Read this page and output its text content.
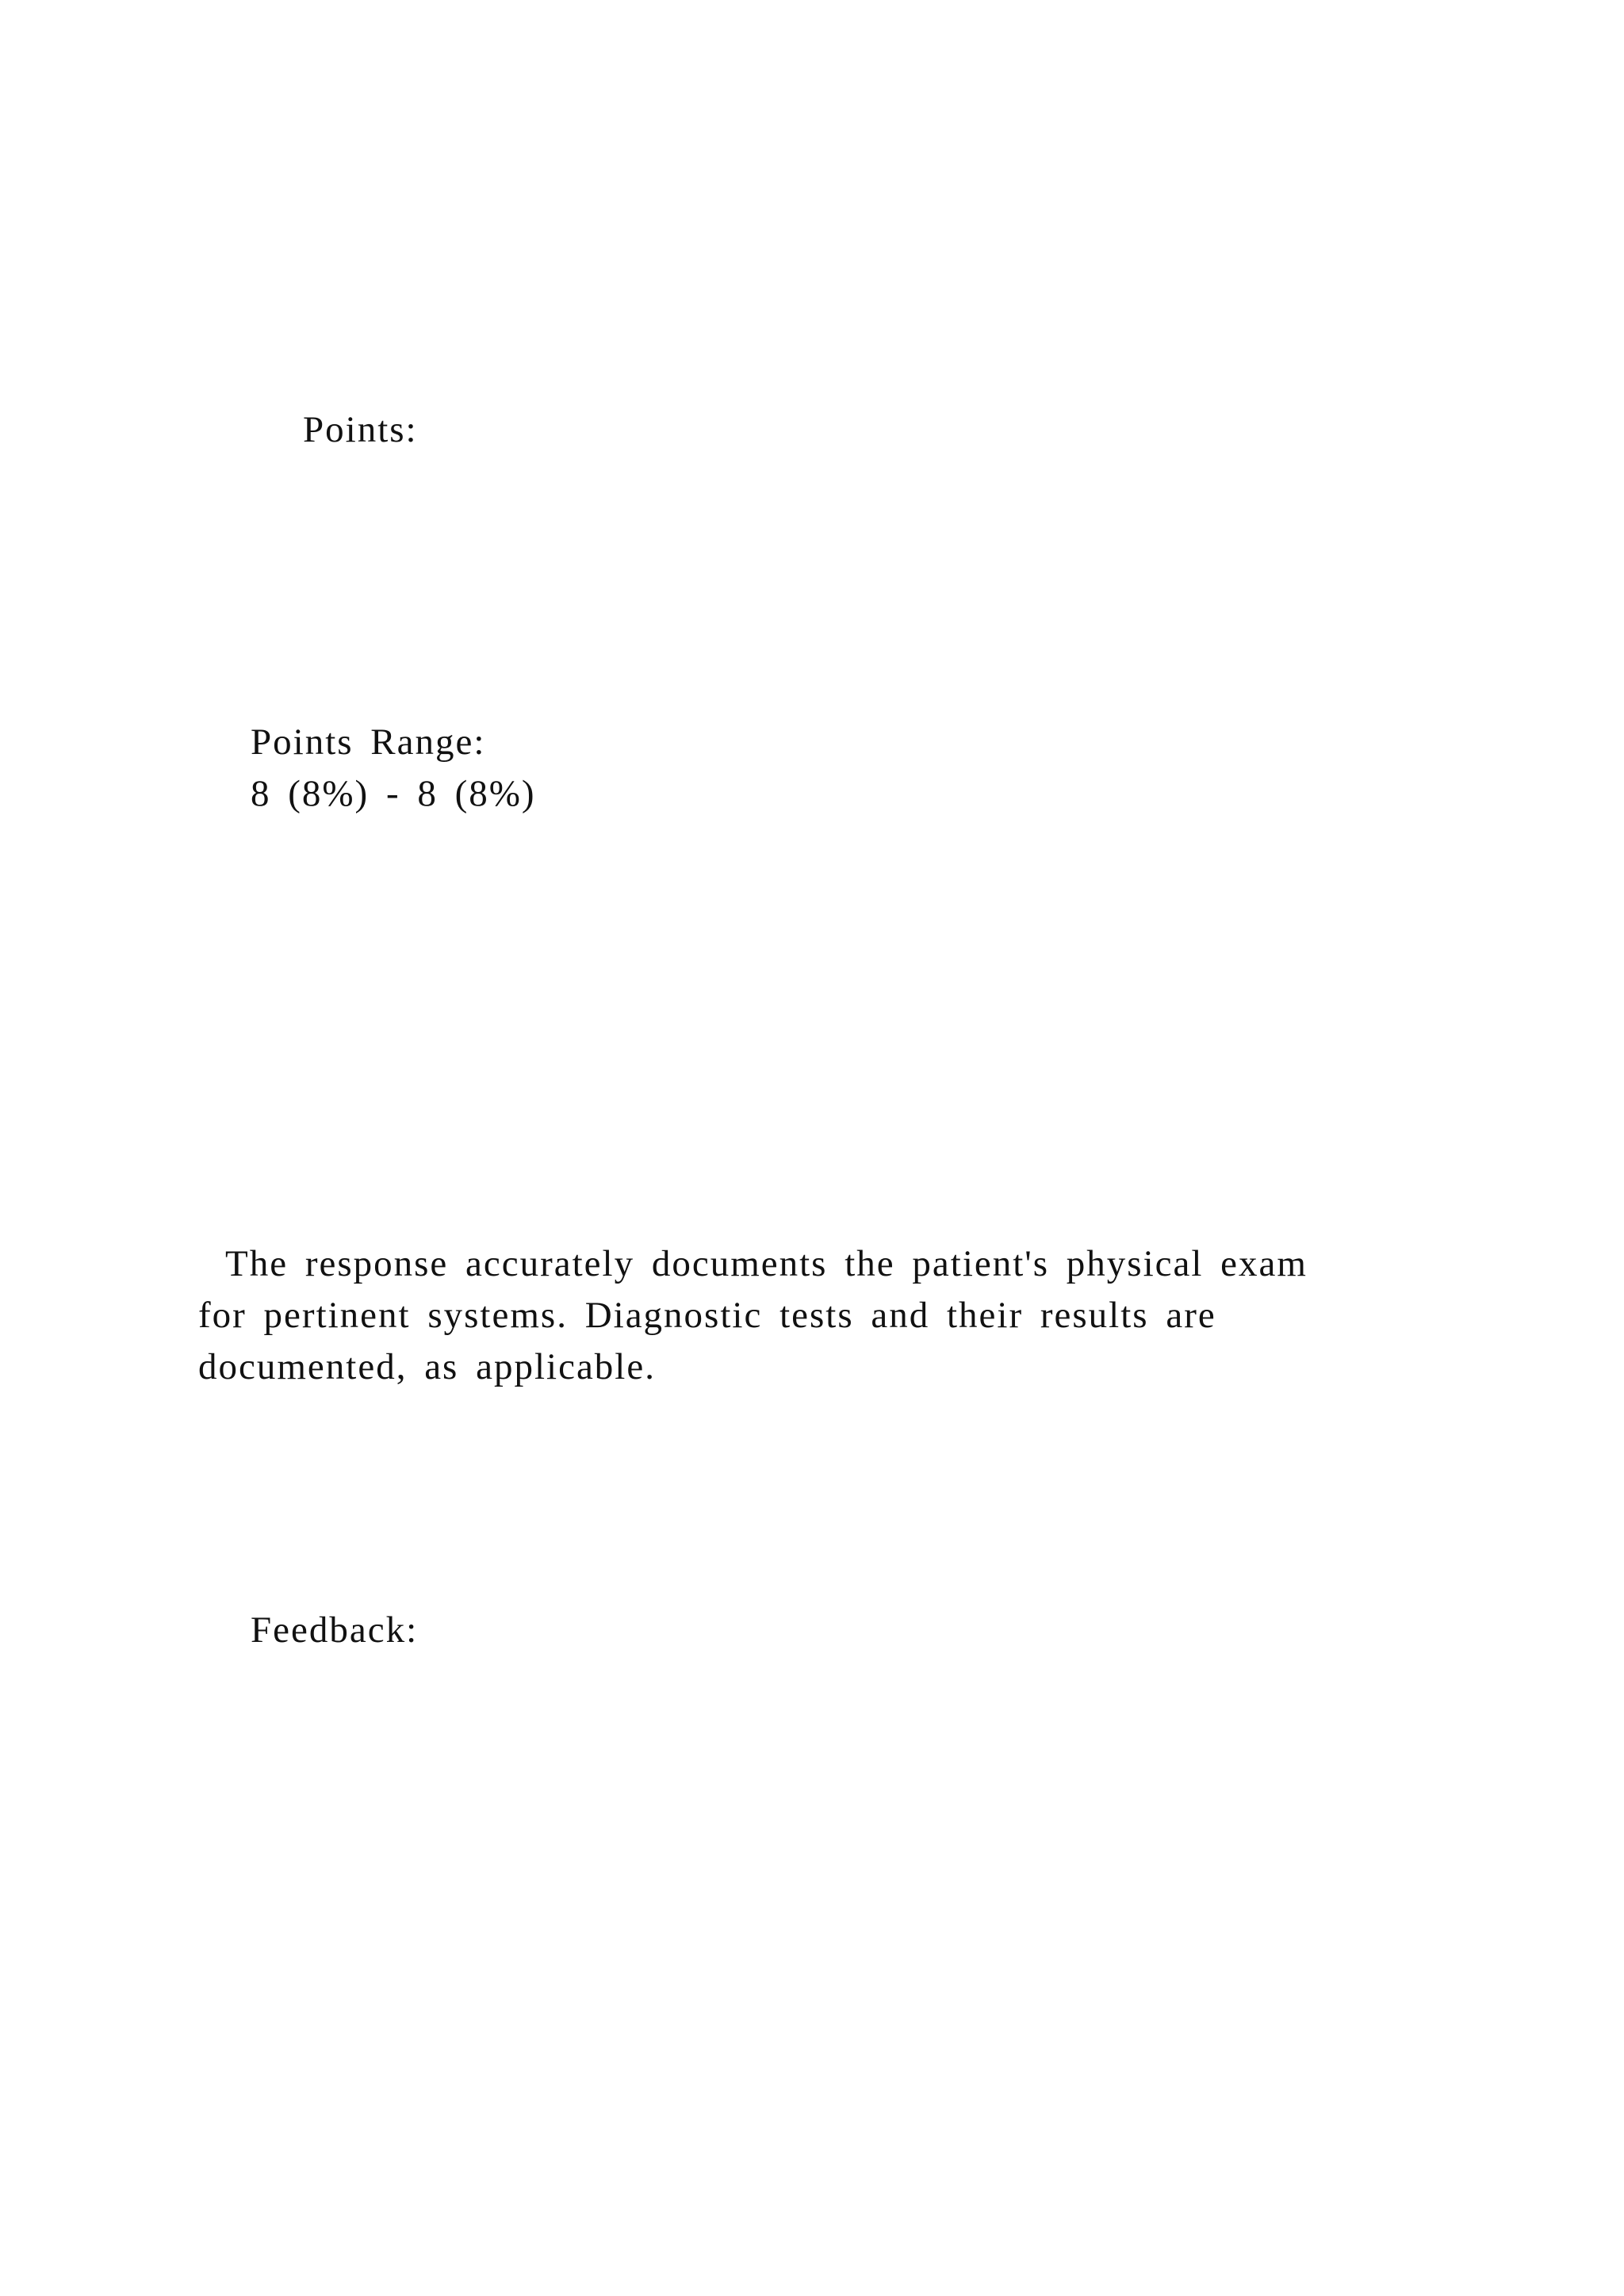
Points:

Points Range:

8 (8%) - 8 (8%)

The response accurately documents the patient's physical exam

for pertinent systems. Diagnostic tests and their results are

documented, as applicable.

Feedback:
